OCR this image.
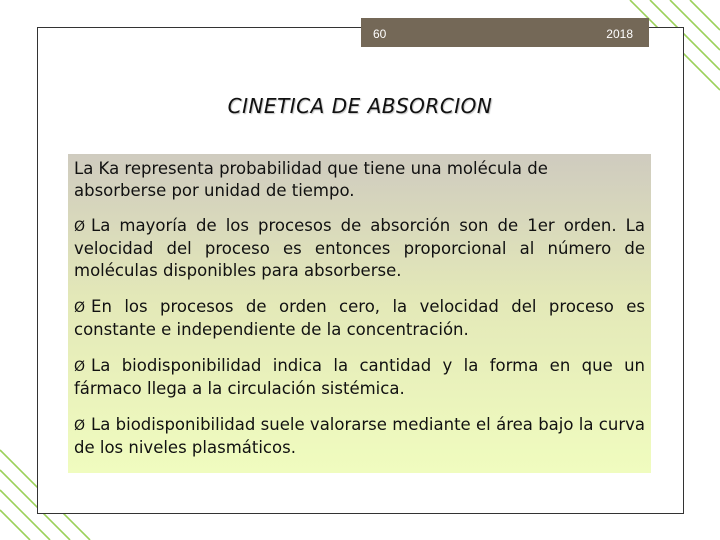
60	2018
CINETICA DE ABSORCION

La Ka representa probabilidad que tiene una molécula de absorberse por unidad de tiempo.

Ø La mayoría de los procesos de absorción son de 1er orden. La velocidad del proceso es entonces proporcional al número de moléculas disponibles para absorberse.

Ø En los procesos de orden cero, la velocidad del proceso es constante e independiente de la concentración.

Ø La biodisponibilidad indica la cantidad y la forma en que un fármaco llega a la circulación sistémica.

Ø La biodisponibilidad suele valorarse mediante el área bajo la curva de los niveles plasmáticos.
